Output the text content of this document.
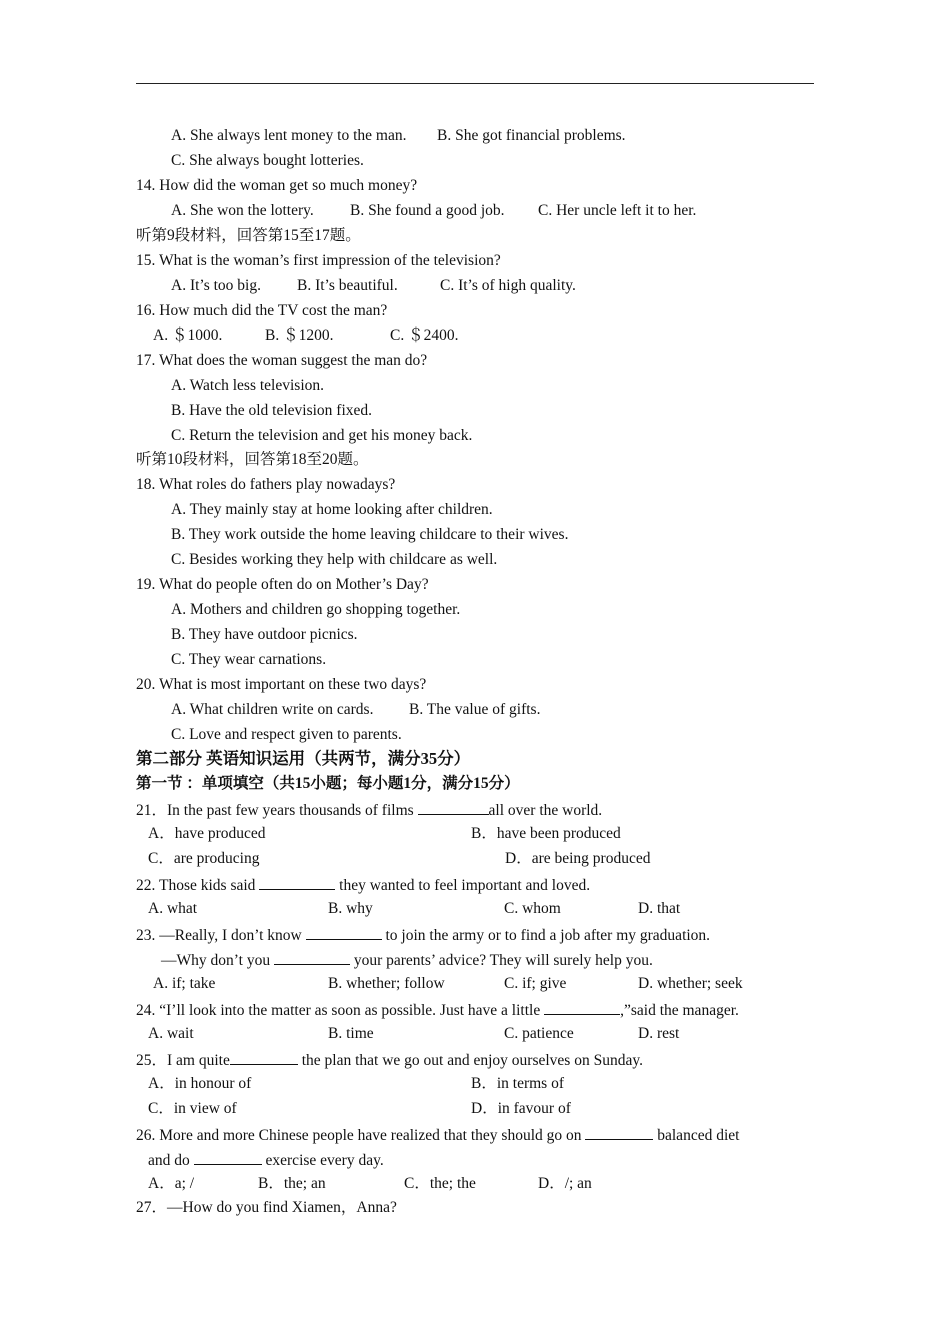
A. She always lent money to the man. B. She got financial problems.
C. She always bought lotteries.
14. How did the woman get so much money?
A. She won the lottery. B. She found a good job. C. Her uncle left it to her.
听第9段材料，回答第15至17题。
15. What is the woman’s first impression of the television?
A. It’s too big. B. It’s beautiful.	C. It’s of high quality.
16. How much did the TV cost the man?
A. ＄1000.	B. ＄1200.	C. ＄2400.
17. What does the woman suggest the man do?
A. Watch less television.
B. Have the old television fixed.
C. Return the television and get his money back.
听第10段材料，回答第18至20题。
18. What roles do fathers play nowadays?
A. They mainly stay at home looking after children.
B. They work outside the home leaving childcare to their wives.
C. Besides working they help with childcare as well.
19. What do people often do on Mother’s Day?
A. Mothers and children go shopping together.
B. They have outdoor picnics.
C. They wear carnations.
20. What is most important on these two days?
A. What children write on cards. B. The value of gifts.
C. Love and respect given to parents.
第二部分 英语知识运用（共两节，满分35分）
第一节 ：单项填空（共15小题；每小题1分，满分15分）
21．In the past few years thousands of films	all over the world.
A．have produced	B．have been produced
C．are producing	D．are being produced
22. Those kids said	they wanted to feel important and loved.
A. what	B. why	C. whom	D. that
23. —Really, I don’t know	to join the army or to find a job after my graduation.
—Why don’t you	your parents’ advice? They will surely help you.
A. if; take	B. whether; follow	C. if; give	D. whether; seek
24. “I’ll look into the matter as soon as possible. Just have a little	,”said the manager.
A. wait	B. time	C. patience	D. rest
25．I am quite	the plan that we go out and enjoy ourselves on Sunday.
A．in honour of	B．in terms of
C．in view of	D．in favour of
26. More and more Chinese people have realized that they should go on	balanced diet
and do	exercise every day.
A．a; /	B．the; an	C．the; the	D．/; an
27．—How do you find Xiamen，Anna?
